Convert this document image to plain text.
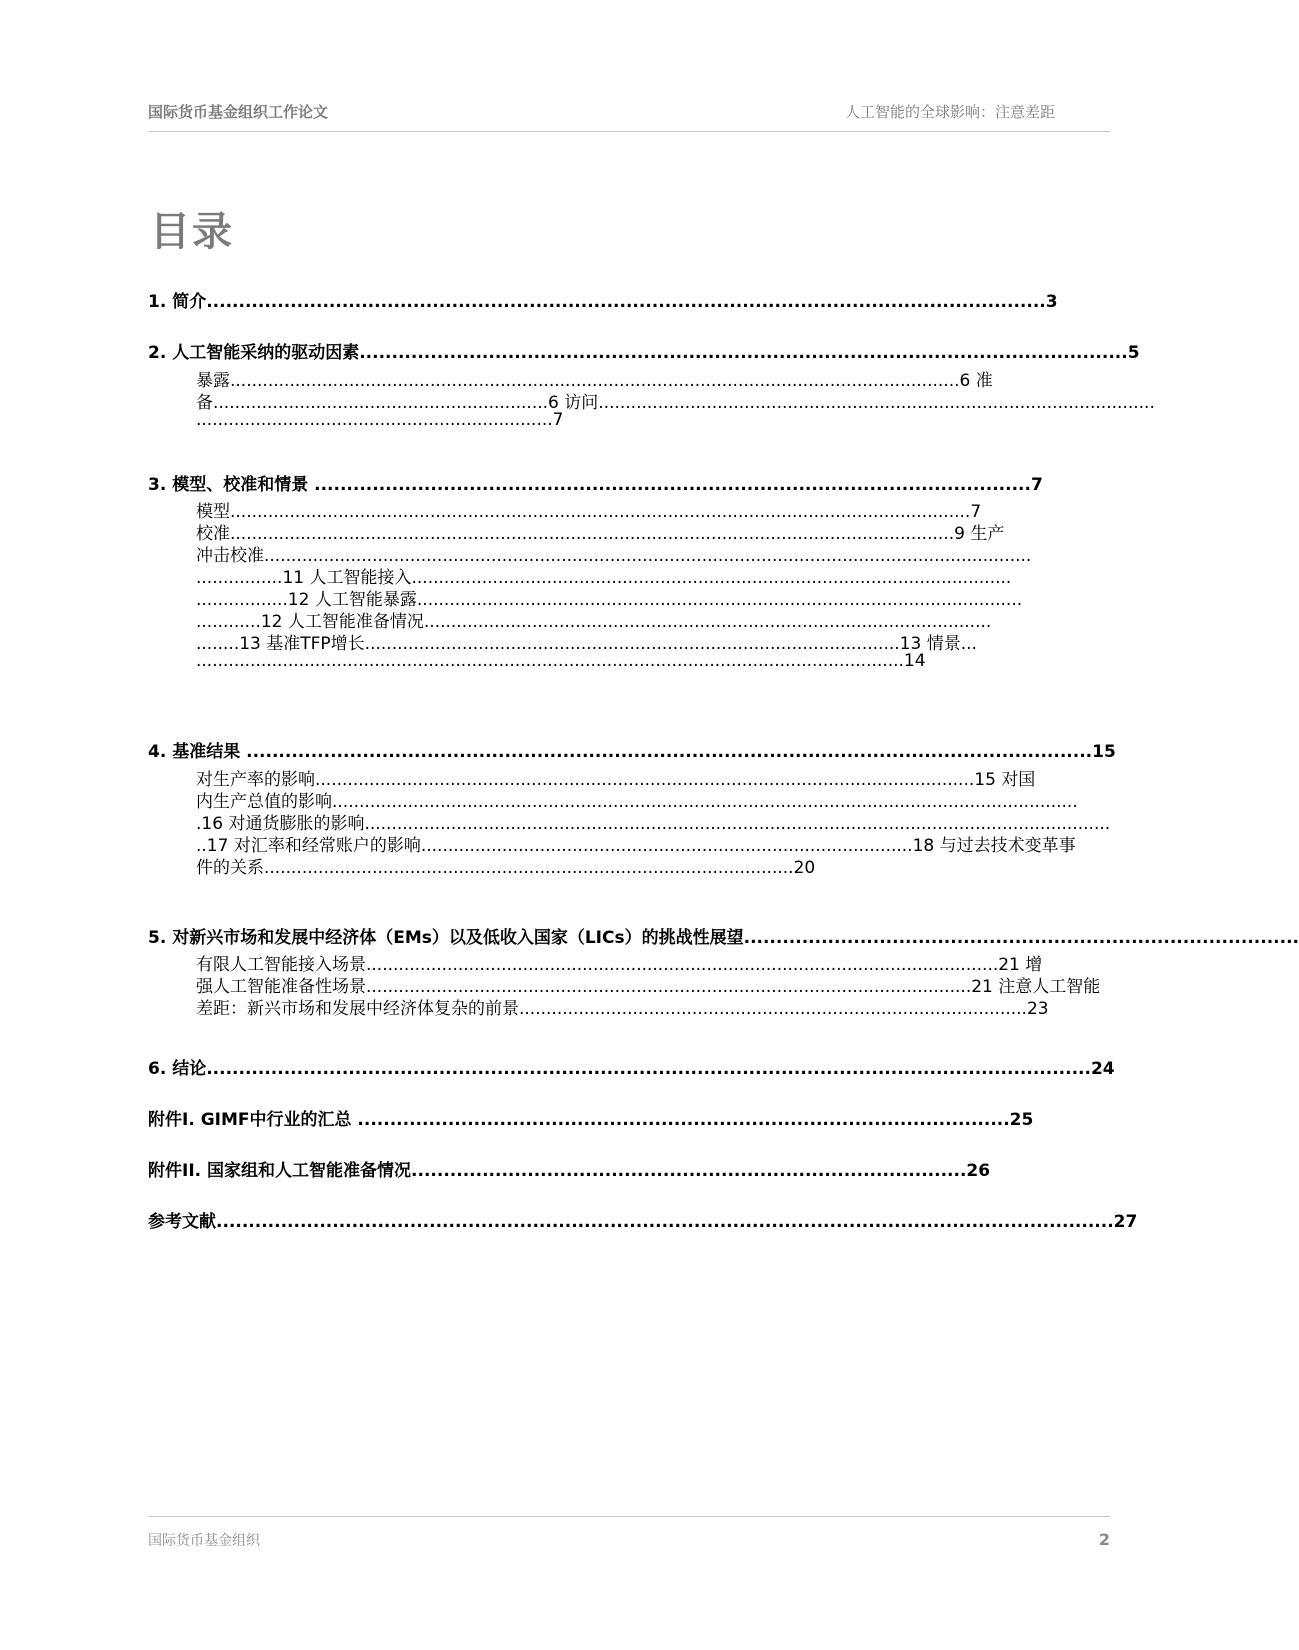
国际货币基金组织工作论文	人工智能的全球影响：注意差距
目录
1. 简介..................................................................................................................................3
2. 人工智能采纳的驱动因素.......................................................................................................................5
暴露.......................................................................................................................................6 准
备..............................................................6 访问.......................................................................................................
..................................................................7
3. 模型、校准和情景 ...............................................................................................................7
模型.........................................................................................................................................7
校准......................................................................................................................................9 生产
冲击校准..............................................................................................................................................
................11 人工智能接入...............................................................................................................
.................12 人工智能暴露................................................................................................................
............12 人工智能准备情况.........................................................................................................
........13 基准TFP增长...................................................................................................13 情景...
...................................................................................................................................14
4. 基准结果 ...................................................................................................................................15
对生产率的影响..........................................................................................................................15 对国
内生产总值的影响..........................................................................................................................................
.16 对通货膨胀的影响..........................................................................................................................................
..17 对汇率和经常账户的影响...........................................................................................18 与过去技术变革事
件的关系..................................................................................................20
5. 对新兴市场和发展中经济体（EMs）以及低收入国家（LICs）的挑战性展望......................................................................................
有限人工智能接入场景.....................................................................................................................21 增
强人工智能准备性场景................................................................................................................21 注意人工智能
差距：新兴市场和发展中经济体复杂的前景..............................................................................................23
6. 结论.........................................................................................................................................24
附件I. GIMF中行业的汇总 .....................................................................................................25
附件II. 国家组和人工智能准备情况......................................................................................26
参考文献...........................................................................................................................................27
国际货币基金组织	2
